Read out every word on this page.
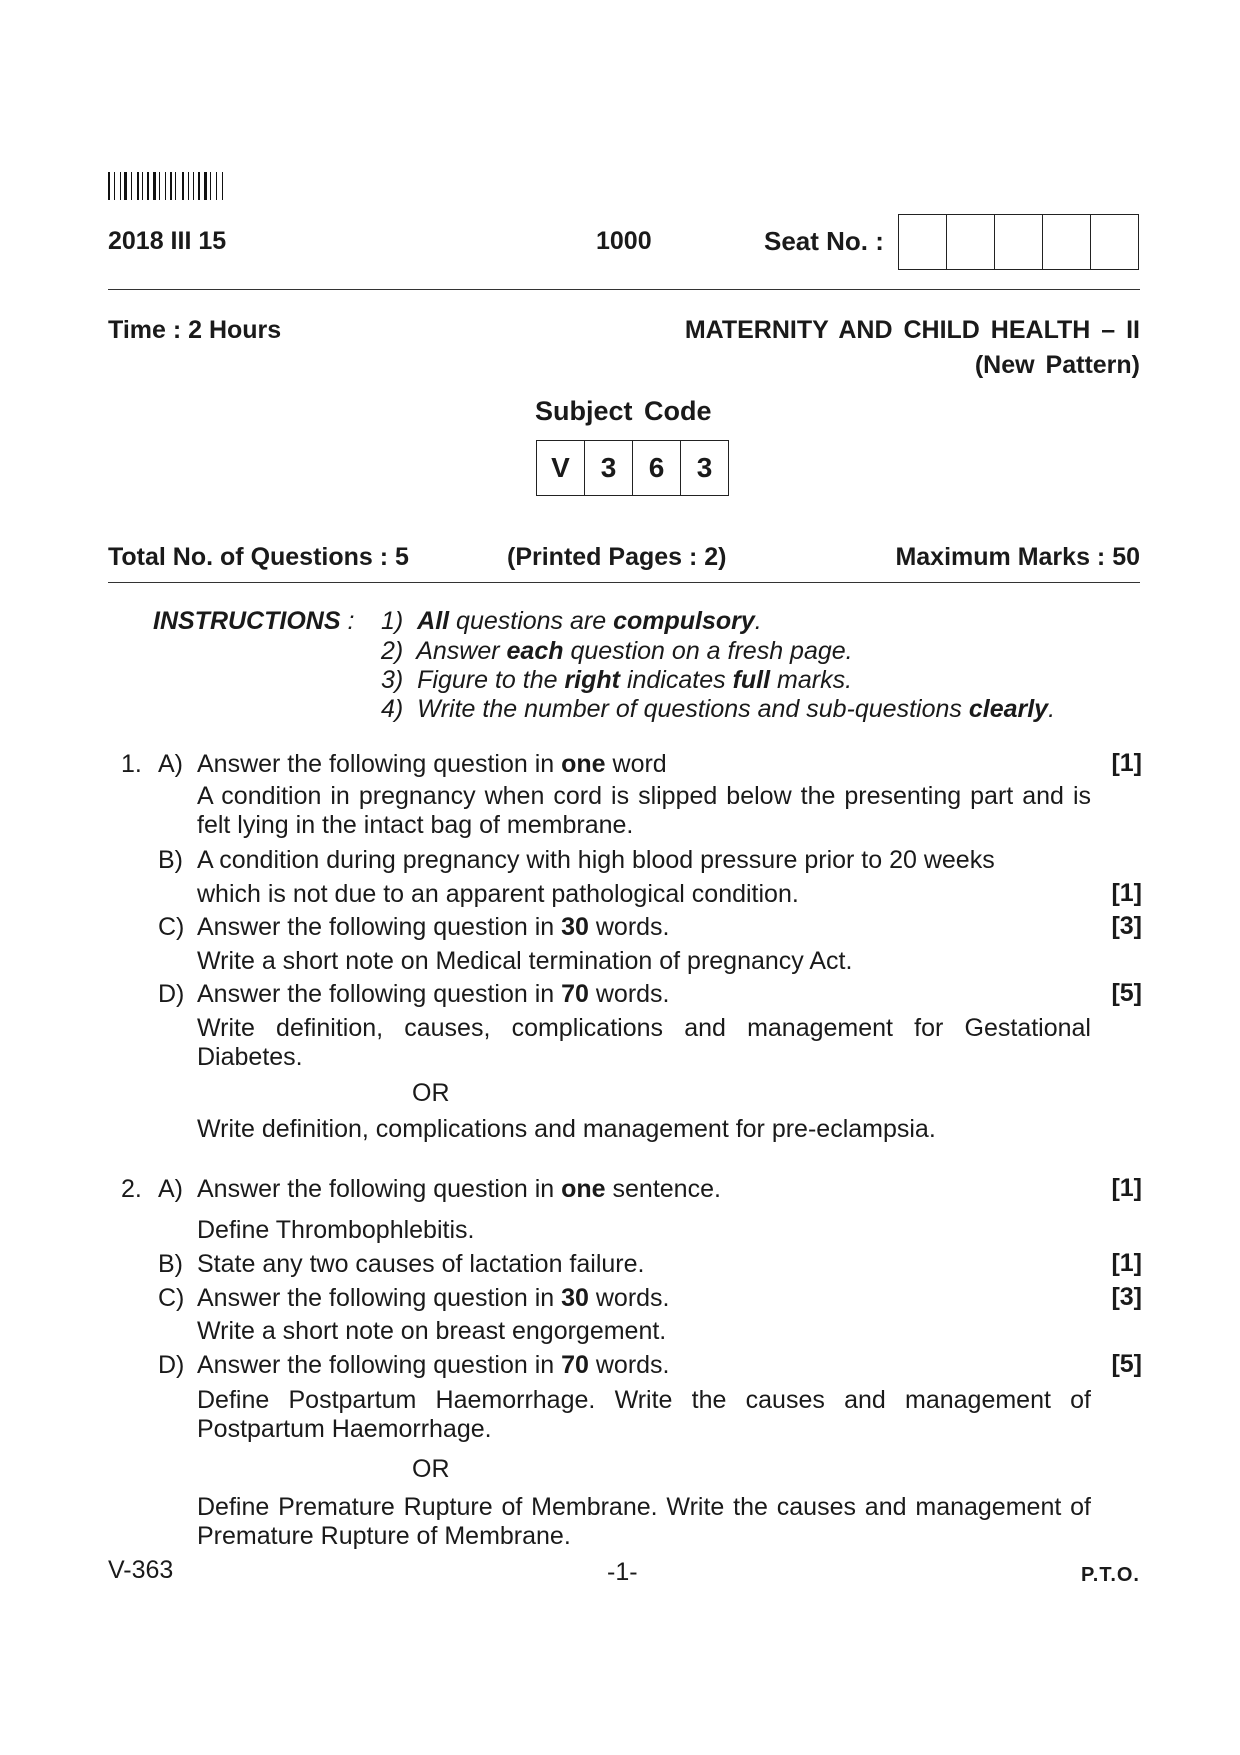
2018 III 15	1000	Seat No. :
Time : 2 Hours	MATERNITY AND CHILD HEALTH – II
(New Pattern)
Subject Code
V	3	6	3
Total No. of Questions : 5	(Printed Pages : 2)	Maximum Marks : 50
INSTRUCTIONS : 1) All questions are compulsory.
2) Answer each question on a fresh page.
3) Figure to the right indicates full marks.
4) Write the number of questions and sub-questions clearly.
1. A) Answer the following question in one word	[1]
A condition in pregnancy when cord is slipped below the presenting part and is felt lying in the intact bag of membrane.
B) A condition during pregnancy with high blood pressure prior to 20 weeks
which is not due to an apparent pathological condition.	[1]
C) Answer the following question in 30 words.	[3]
Write a short note on Medical termination of pregnancy Act.
D) Answer the following question in 70 words.	[5]
Write definition, causes, complications and management for Gestational Diabetes.
OR
Write definition, complications and management for pre-eclampsia.
2. A) Answer the following question in one sentence.	[1]
Define Thrombophlebitis.
B) State any two causes of lactation failure.	[1]
C) Answer the following question in 30 words.	[3]
Write a short note on breast engorgement.
D) Answer the following question in 70 words.	[5]
Define Postpartum Haemorrhage. Write the causes and management of Postpartum Haemorrhage.
OR
Define Premature Rupture of Membrane. Write the causes and management of Premature Rupture of Membrane.
V-363	-1-	P.T.O.
